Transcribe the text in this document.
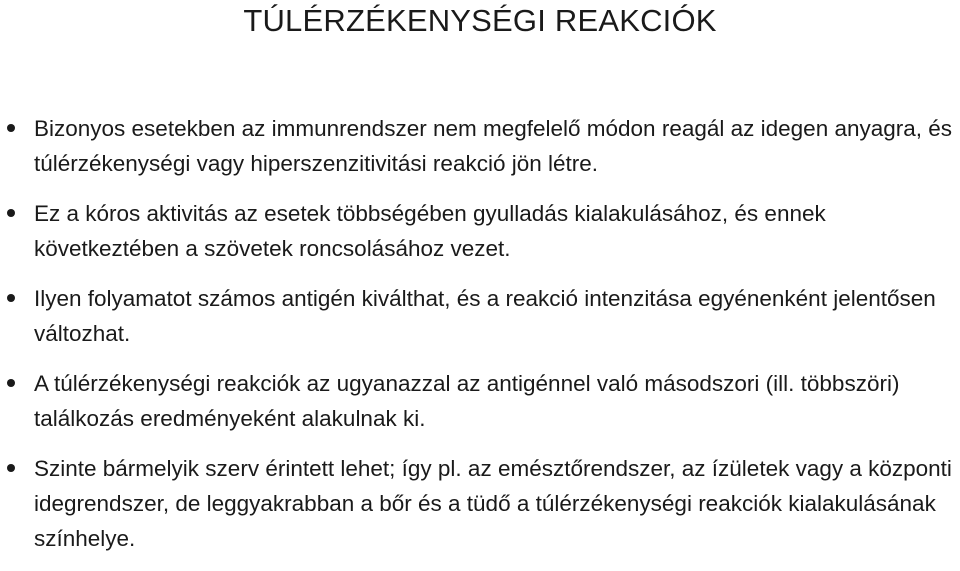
TÚLÉRZÉKENYSÉGI REAKCIÓK
Bizonyos esetekben az immunrendszer nem megfelelő módon reagál az idegen anyagra, és túlérzékenységi vagy hiperszenzitivitási reakció jön létre.
Ez a kóros aktivitás az esetek többségében gyulladás kialakulásához, és ennek következtében a szövetek roncsolásához vezet.
Ilyen folyamatot számos antigén kiválthat, és a reakció intenzitása egyénenként jelentősen változhat.
A túlérzékenységi reakciók az ugyanazzal az antigénnel való másodszori (ill. többszöri) találkozás eredményeként alakulnak ki.
Szinte bármelyik szerv érintett lehet; így pl. az emésztőrendszer, az ízületek vagy a központi idegrendszer, de leggyakrabban a bőr és a tüdő a túlérzékenységi reakciók kialakulásának színhelye.
